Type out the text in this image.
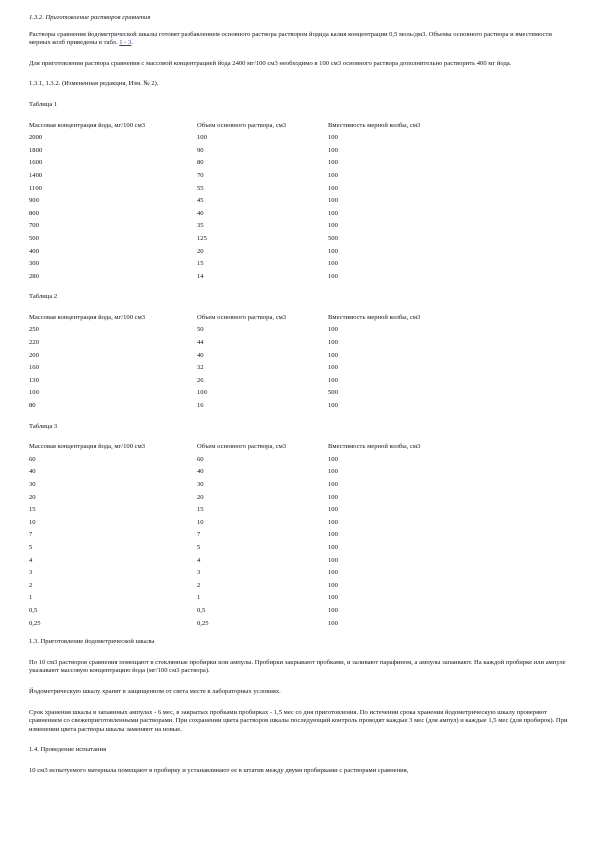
1.3.2. Приготовление растворов сравнения

Растворы сравнения йодометрической шкалы готовят разбавлением основного раствора раствором йодида калия концентрации 0,5 моль/дм3. Объемы основного раствора и вместимости мерных колб приведены в табл. 1 - 3.

Для приготовления раствора сравнения с массовой концентрацией йода 2400 мг/100 см3 необходимо в 100 см3 основного раствора дополнительно растворить 400 мг йода.

1.3.1, 1.3.2. (Измененная редакция, Изм. № 2).

Таблица 1

Массовая концентрация йода, мг/100 см3	Объем основного раствора, см3	Вместимость мерной колбы, см3
2000	100	100
1800	90	100
1600	80	100
1400	70	100
1100	55	100
900	45	100
800	40	100
700	35	100
500	125	500
400	20	100
300	15	100
280	14	100

Таблица 2

Массовая концентрация йода, мг/100 см3	Объем основного раствора, см3	Вместимость мерной колбы, см3
250	50	100
220	44	100
200	40	100
160	32	100
130	26	100
100	100	500
80	16	100

Таблица 3

Массовая концентрация йода, мг/100 см3	Объем основного раствора, см3	Вместимость мерной колбы, см3
60	60	100
40	40	100
30	30	100
20	20	100
15	15	100
10	10	100
7	7	100
5	5	100
4	4	100
3	3	100
2	2	100
1	1	100
0,5	0,5	100
0,25	0,25	100

1.3. Приготовление йодометрической шкалы

По 10 см3 растворов сравнения помещают в стеклянные пробирки или ампулы. Пробирки закрывают пробками, и заливают парафином, а ампулы запаивают. На каждой пробирке или ампуле указывают массовую концентрацию йода (мг/100 см3 раствора).

Йодометрическую шкалу хранят в защищенном от света месте в лабораторных условиях.

Срок хранения шкалы в запаянных ампулах - 6 мес, в закрытых пробками пробирках - 1,5 мес со дня приготовления. По истечении срока хранения йодометрическую шкалу проверяют сравнением со свежеприготовленными растворами. При сохранении цвета растворов шкалы последующий контроль проводят каждые 3 мес (для ампул) и каждые 1,5 мес (для пробирок). При изменении цвета растворы шкалы заменяют на новые.

1.4. Проведение испытания

10 см3 испытуемого материала помещают в пробирку и устанавливают ее в штатив между двумя пробирками с растворами сравнения,
